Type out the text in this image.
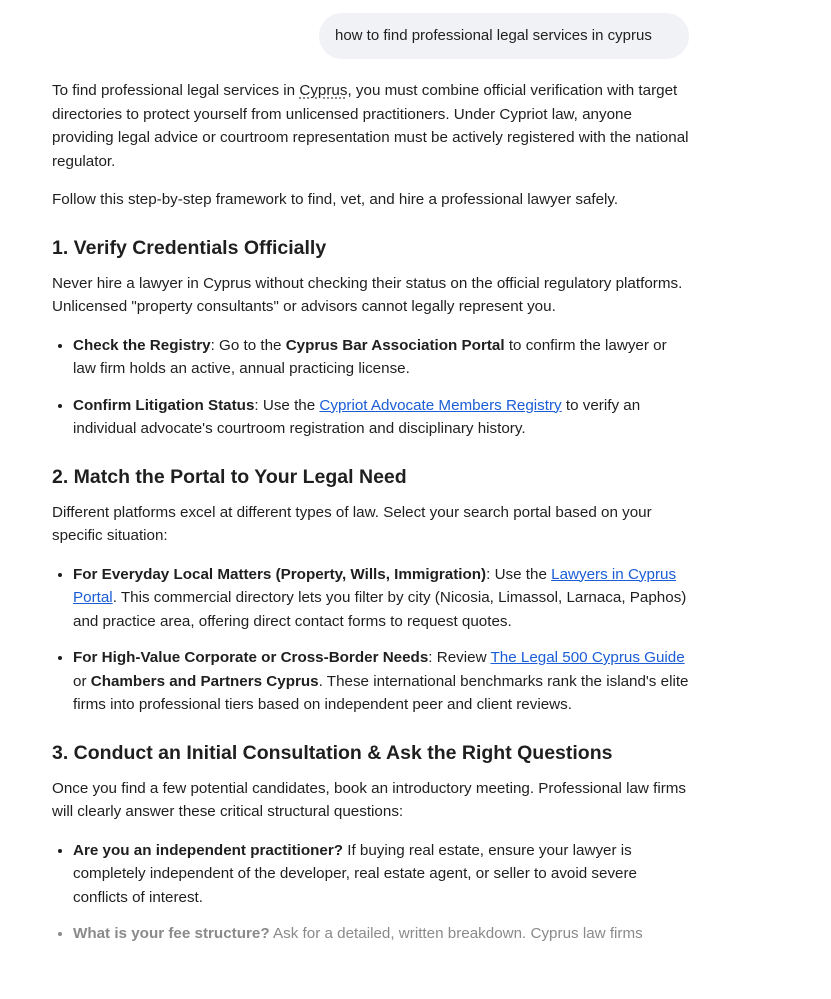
how to find professional legal services in cyprus

To find professional legal services in Cyprus, you must combine official verification with target directories to protect yourself from unlicensed practitioners. Under Cypriot law, anyone providing legal advice or courtroom representation must be actively registered with the national regulator.

Follow this step-by-step framework to find, vet, and hire a professional lawyer safely.

1. Verify Credentials Officially

Never hire a lawyer in Cyprus without checking their status on the official regulatory platforms. Unlicensed "property consultants" or advisors cannot legally represent you.

• Check the Registry: Go to the Cyprus Bar Association Portal to confirm the lawyer or law firm holds an active, annual practicing license.
• Confirm Litigation Status: Use the Cypriot Advocate Members Registry to verify an individual advocate's courtroom registration and disciplinary history.
2. Match the Portal to Your Legal Need

Different platforms excel at different types of law. Select your search portal based on your specific situation:

• For Everyday Local Matters (Property, Wills, Immigration): Use the Lawyers in Cyprus Portal. This commercial directory lets you filter by city (Nicosia, Limassol, Larnaca, Paphos) and practice area, offering direct contact forms to request quotes.
• For High-Value Corporate or Cross-Border Needs: Review The Legal 500 Cyprus Guide or Chambers and Partners Cyprus. These international benchmarks rank the island's elite firms into professional tiers based on independent peer and client reviews.
3. Conduct an Initial Consultation & Ask the Right Questions

Once you find a few potential candidates, book an introductory meeting. Professional law firms will clearly answer these critical structural questions:

• Are you an independent practitioner? If buying real estate, ensure your lawyer is completely independent of the developer, real estate agent, or seller to avoid severe conflicts of interest.
• What is your fee structure? Ask for a detailed, written breakdown. Cyprus law firms
